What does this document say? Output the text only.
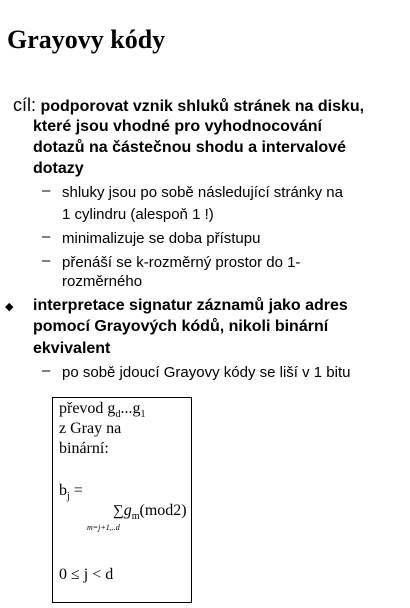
Grayovy kódy
cíl: podporovat vznik shluků stránek na disku,
které jsou vhodné pro vyhodnocování
dotazů na částečnou shodu a intervalové
dotazy
– shluky jsou po sobě následující stránky na
1 cylindru (alespoň 1 !)
– minimalizuje se doba přístupu
– přenáší se k-rozměrný prostor do 1-
rozměrného
◆ interpretace signatur záznamů jako adres
pomocí Grayových kódů, nikoli binární
ekvivalent
– po sobě jdoucí Grayovy kódy se liší v 1 bitu
převod $g_d...g_1$
z Gray na
binární:
$b_j$ =
$\sum g_m(mod2)$
m=j+1,..d
0 ≤ j < d
